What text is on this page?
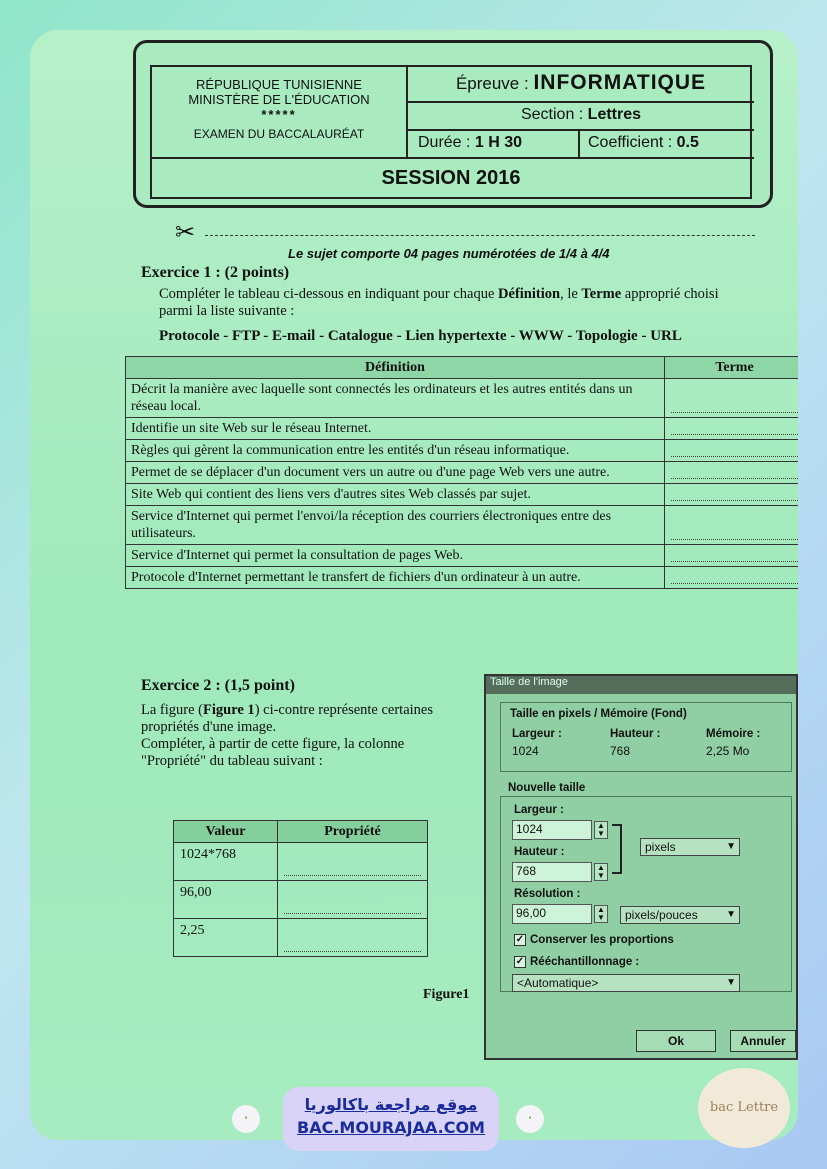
RÉPUBLIQUE TUNISIENNE
MINISTÈRE DE L'ÉDUCATION
*****
EXAMEN DU BACCALAURÉAT
Épreuve : INFORMATIQUE
Section : Lettres
Durée : 1 H 30	Coefficient : 0.5
SESSION 2016
✂
Le sujet comporte 04 pages numérotées de 1/4 à 4/4
Exercice 1 : (2 points)
Compléter le tableau ci-dessous en indiquant pour chaque Définition, le Terme approprié choisi
parmi la liste suivante :
Protocole - FTP - E-mail - Catalogue - Lien hypertexte - WWW - Topologie - URL
Définition	Terme
Décrit la manière avec laquelle sont connectés les ordinateurs et les autres entités dans un réseau local.	

Identifie un site Web sur le réseau Internet.	

Règles qui gèrent la communication entre les entités d'un réseau informatique.	

Permet de se déplacer d'un document vers un autre ou d'une page Web vers une autre.	

Site Web qui contient des liens vers d'autres sites Web classés par sujet.	

Service d'Internet qui permet l'envoi/la réception des courriers électroniques entre des utilisateurs.	

Service d'Internet qui permet la consultation de pages Web.	

Protocole d'Internet permettant le transfert de fichiers d'un ordinateur à un autre.	
Exercice 2 : (1,5 point)
La figure (Figure 1) ci-contre représente certaines
propriétés d'une image.
Compléter, à partir de cette figure, la colonne
"Propriété" du tableau suivant :
Valeur	Propriété
1024*768	

96,00	

2,25	
Figure1
Taille de l'image
Taille en pixels / Mémoire (Fond)
Largeur :
1024
Hauteur :
768
Mémoire :
2,25 Mo
Nouvelle taille
Largeur :
1024	▲
▼
Hauteur :
768	▲
▼
pixels	▼
Résolution :
96,00	▲
▼	pixels/pouces	▼
✓ Conserver les proportions
✓ Rééchantillonnage :
<Automatique>	▼
Ok	Annuler
●
موقع مراجعة باكالوريا
BAC.MOURAJAA.COM	●
bac Lettre
